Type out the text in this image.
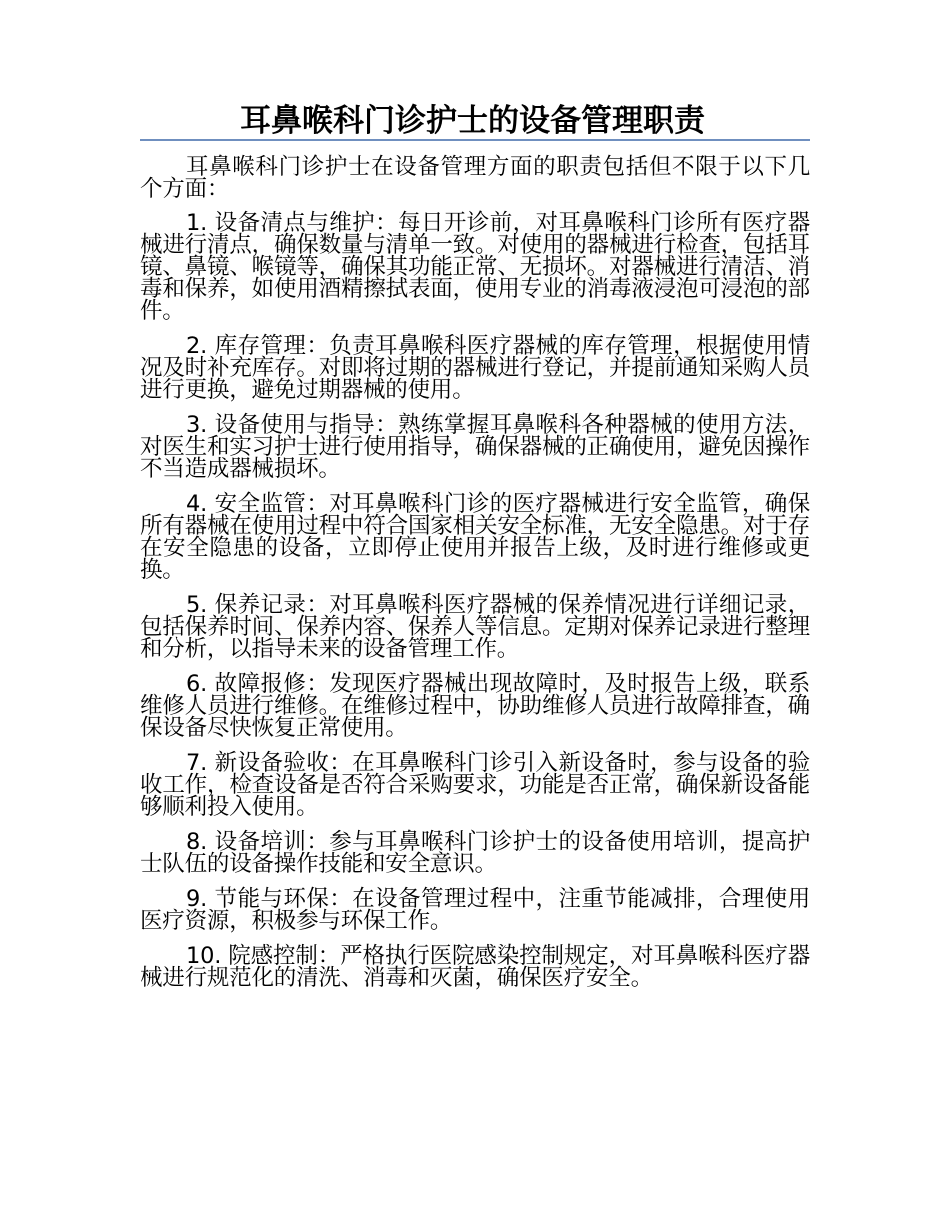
耳鼻喉科门诊护士的设备管理职责

耳鼻喉科门诊护士在设备管理方面的职责包括但不限于以下几个方面：

1. 设备清点与维护：每日开诊前，对耳鼻喉科门诊所有医疗器械进行清点，确保数量与清单一致。对使用的器械进行检查，包括耳镜、鼻镜、喉镜等，确保其功能正常、无损坏。对器械进行清洁、消毒和保养，如使用酒精擦拭表面，使用专业的消毒液浸泡可浸泡的部件。

2. 库存管理：负责耳鼻喉科医疗器械的库存管理，根据使用情况及时补充库存。对即将过期的器械进行登记，并提前通知采购人员进行更换，避免过期器械的使用。

3. 设备使用与指导：熟练掌握耳鼻喉科各种器械的使用方法，对医生和实习护士进行使用指导，确保器械的正确使用，避免因操作不当造成器械损坏。

4. 安全监管：对耳鼻喉科门诊的医疗器械进行安全监管，确保所有器械在使用过程中符合国家相关安全标准，无安全隐患。对于存在安全隐患的设备，立即停止使用并报告上级，及时进行维修或更换。

5. 保养记录：对耳鼻喉科医疗器械的保养情况进行详细记录，包括保养时间、保养内容、保养人等信息。定期对保养记录进行整理和分析，以指导未来的设备管理工作。

6. 故障报修：发现医疗器械出现故障时，及时报告上级，联系维修人员进行维修。在维修过程中，协助维修人员进行故障排查，确保设备尽快恢复正常使用。

7. 新设备验收：在耳鼻喉科门诊引入新设备时，参与设备的验收工作，检查设备是否符合采购要求，功能是否正常，确保新设备能够顺利投入使用。

8. 设备培训：参与耳鼻喉科门诊护士的设备使用培训，提高护士队伍的设备操作技能和安全意识。

9. 节能与环保：在设备管理过程中，注重节能减排，合理使用医疗资源，积极参与环保工作。

10. 院感控制：严格执行医院感染控制规定，对耳鼻喉科医疗器械进行规范化的清洗、消毒和灭菌，确保医疗安全。
